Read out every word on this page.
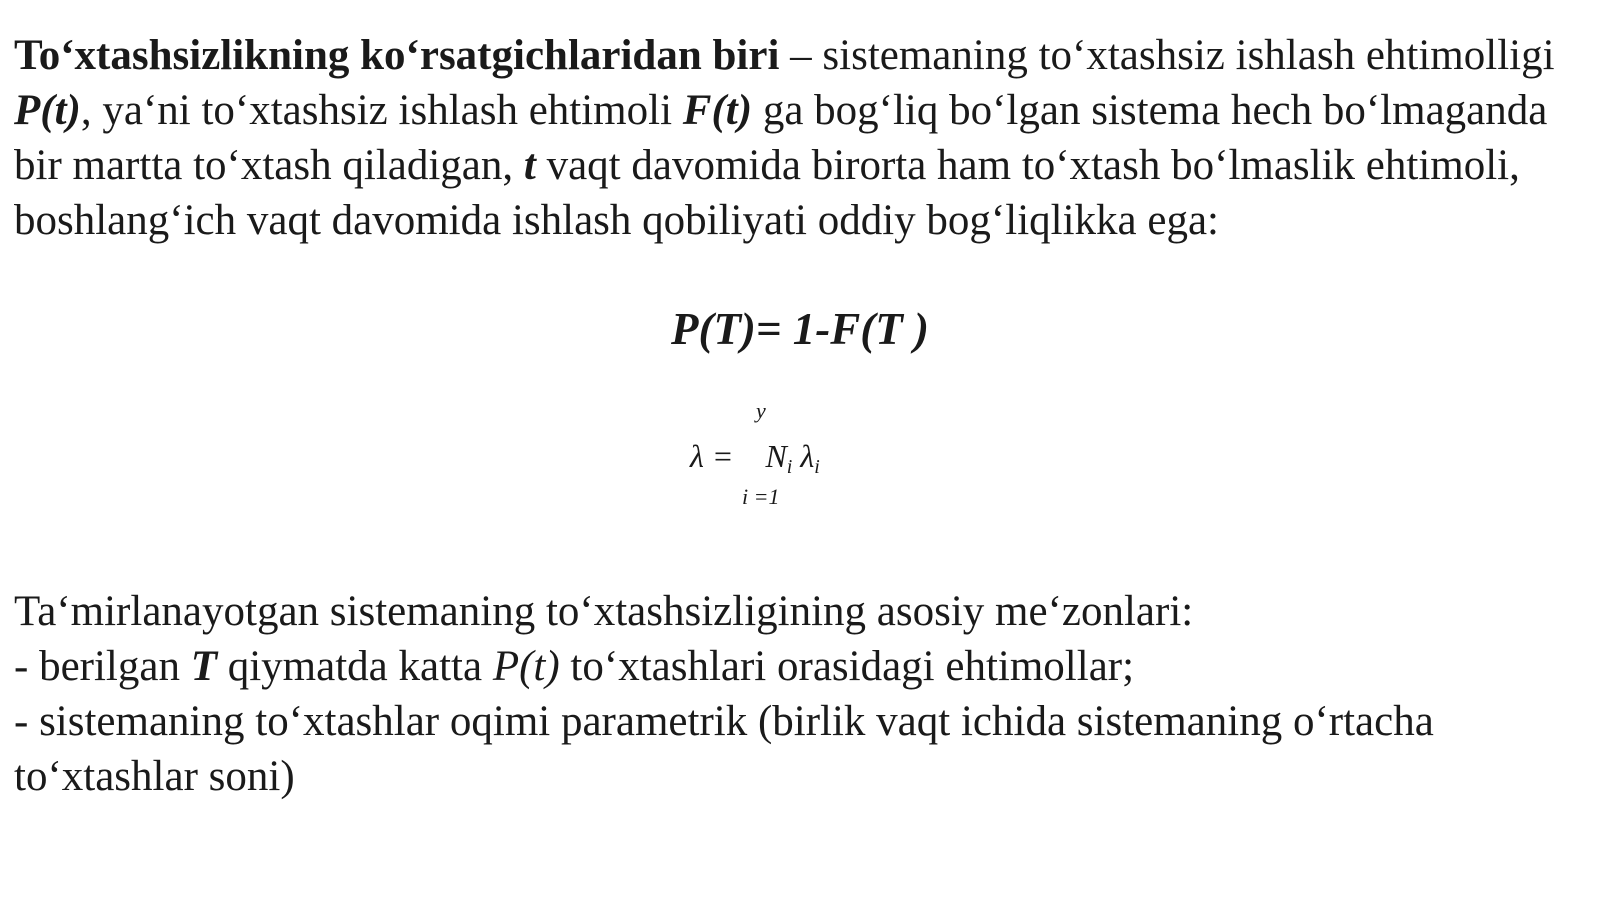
To‘xtashsizlikning ko‘rsatgichlaridan biri – sistemaning to‘xtashsiz ishlash ehtimolligi P(t), ya‘ni to‘xtashsiz ishlash ehtimoli F(t) ga bog‘liq bo‘lgan sistema hech bo‘lmaganda bir martta to‘xtash qiladigan, t vaqt davomida birorta ham to‘xtash bo‘lmaslik ehtimoli, boshlang‘ich vaqt davomida ishlash qobiliyati oddiy bog‘liqlikka ega:

P(T)= 1-F(T )
y
λ =    $N_i$ $\lambda_i$
i =1

Ta‘mirlanayotgan sistemaning to‘xtashsizligining asosiy me‘zonlari:

- berilgan T qiymatda katta P(t) to‘xtashlari orasidagi ehtimollar;

- sistemaning to‘xtashlar oqimi parametrik (birlik vaqt ichida sistemaning o‘rtacha to‘xtashlar soni)
